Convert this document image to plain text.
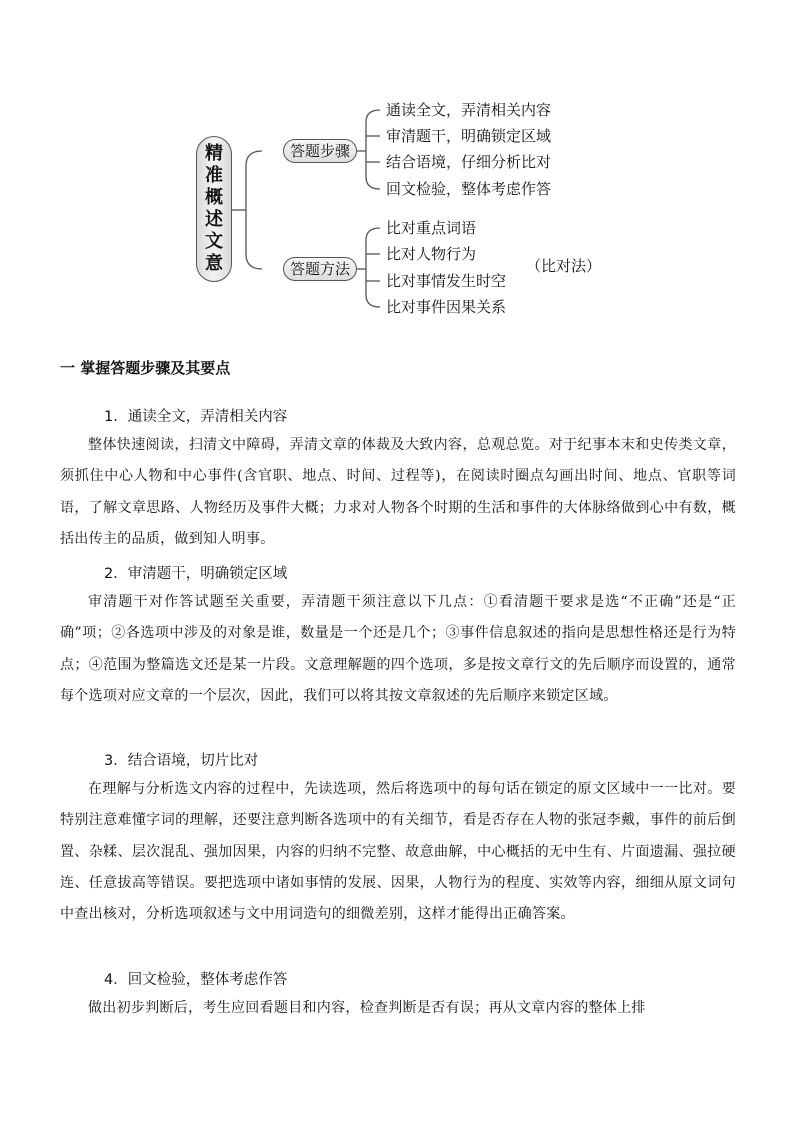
精
准
概
述
文
意
答题步骤
答题方法
通读全文，弄清相关内容
审清题干，明确锁定区域
结合语境，仔细分析比对
回文检验，整体考虑作答
比对重点词语
比对人物行为
比对事情发生时空
比对事件因果关系
（比对法）
一 掌握答题步骤及其要点
1．通读全文，弄清相关内容
整体快速阅读，扫清文中障碍，弄清文章的体裁及大致内容，总观总览。对于纪事本末和史传类文章，须抓住中心人物和中心事件(含官职、地点、时间、过程等)，在阅读时圈点勾画出时间、地点、官职等词语，了解文章思路、人物经历及事件大概；力求对人物各个时期的生活和事件的大体脉络做到心中有数，概括出传主的品质，做到知人明事。
2．审清题干，明确锁定区域
审清题干对作答试题至关重要，弄清题干须注意以下几点：①看清题干要求是选“不正确”还是“正确”项；②各选项中涉及的对象是谁，数量是一个还是几个；③事件信息叙述的指向是思想性格还是行为特点；④范围为整篇选文还是某一片段。文意理解题的四个选项，多是按文章行文的先后顺序而设置的，通常每个选项对应文章的一个层次，因此，我们可以将其按文章叙述的先后顺序来锁定区域。
3．结合语境，切片比对
在理解与分析选文内容的过程中，先读选项，然后将选项中的每句话在锁定的原文区域中一一比对。要特别注意难懂字词的理解，还要注意判断各选项中的有关细节，看是否存在人物的张冠李戴，事件的前后倒置、杂糅、层次混乱、强加因果，内容的归纳不完整、故意曲解，中心概括的无中生有、片面遗漏、强拉硬连、任意拔高等错误。要把选项中诸如事情的发展、因果，人物行为的程度、实效等内容，细细从原文词句中查出核对，分析选项叙述与文中用词造句的细微差别，这样才能得出正确答案。
4．回文检验，整体考虑作答
做出初步判断后，考生应回看题目和内容，检查判断是否有误；再从文章内容的整体上排
